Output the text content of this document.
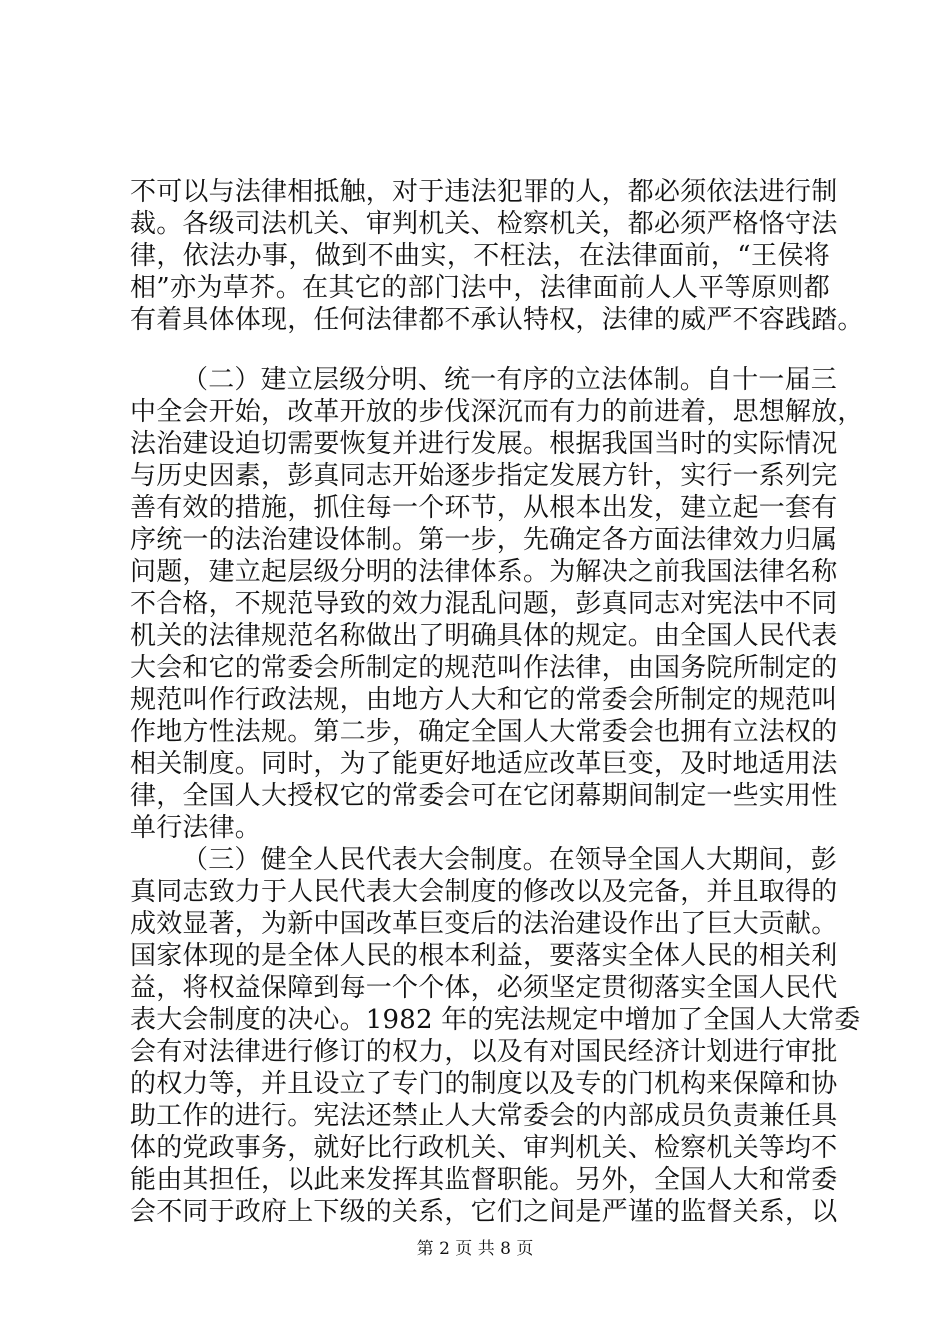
不可以与法律相抵触，对于违法犯罪的人，都必须依法进行制
裁。各级司法机关、审判机关、检察机关，都必须严格恪守法
律，依法办事，做到不曲实，不枉法，在法律面前，“王侯将
相”亦为草芥。在其它的部门法中，法律面前人人平等原则都
有着具体体现，任何法律都不承认特权，法律的威严不容践踏。
（二）建立层级分明、统一有序的立法体制。自十一届三
中全会开始，改革开放的步伐深沉而有力的前进着，思想解放，
法治建设迫切需要恢复并进行发展。根据我国当时的实际情况
与历史因素，彭真同志开始逐步指定发展方针，实行一系列完
善有效的措施，抓住每一个环节，从根本出发，建立起一套有
序统一的法治建设体制。第一步，先确定各方面法律效力归属
问题，建立起层级分明的法律体系。为解决之前我国法律名称
不合格，不规范导致的效力混乱问题，彭真同志对宪法中不同
机关的法律规范名称做出了明确具体的规定。由全国人民代表
大会和它的常委会所制定的规范叫作法律，由国务院所制定的
规范叫作行政法规，由地方人大和它的常委会所制定的规范叫
作地方性法规。第二步，确定全国人大常委会也拥有立法权的
相关制度。同时，为了能更好地适应改革巨变，及时地适用法
律，全国人大授权它的常委会可在它闭幕期间制定一些实用性
单行法律。
（三）健全人民代表大会制度。在领导全国人大期间，彭
真同志致力于人民代表大会制度的修改以及完备，并且取得的
成效显著，为新中国改革巨变后的法治建设作出了巨大贡献。
国家体现的是全体人民的根本利益，要落实全体人民的相关利
益，将权益保障到每一个个体，必须坚定贯彻落实全国人民代
表大会制度的决心。1982 年的宪法规定中增加了全国人大常委
会有对法律进行修订的权力，以及有对国民经济计划进行审批
的权力等，并且设立了专门的制度以及专的门机构来保障和协
助工作的进行。宪法还禁止人大常委会的内部成员负责兼任具
体的党政事务，就好比行政机关、审判机关、检察机关等均不
能由其担任，以此来发挥其监督职能。另外，全国人大和常委
会不同于政府上下级的关系，它们之间是严谨的监督关系，以
第 2 页 共 8 页
